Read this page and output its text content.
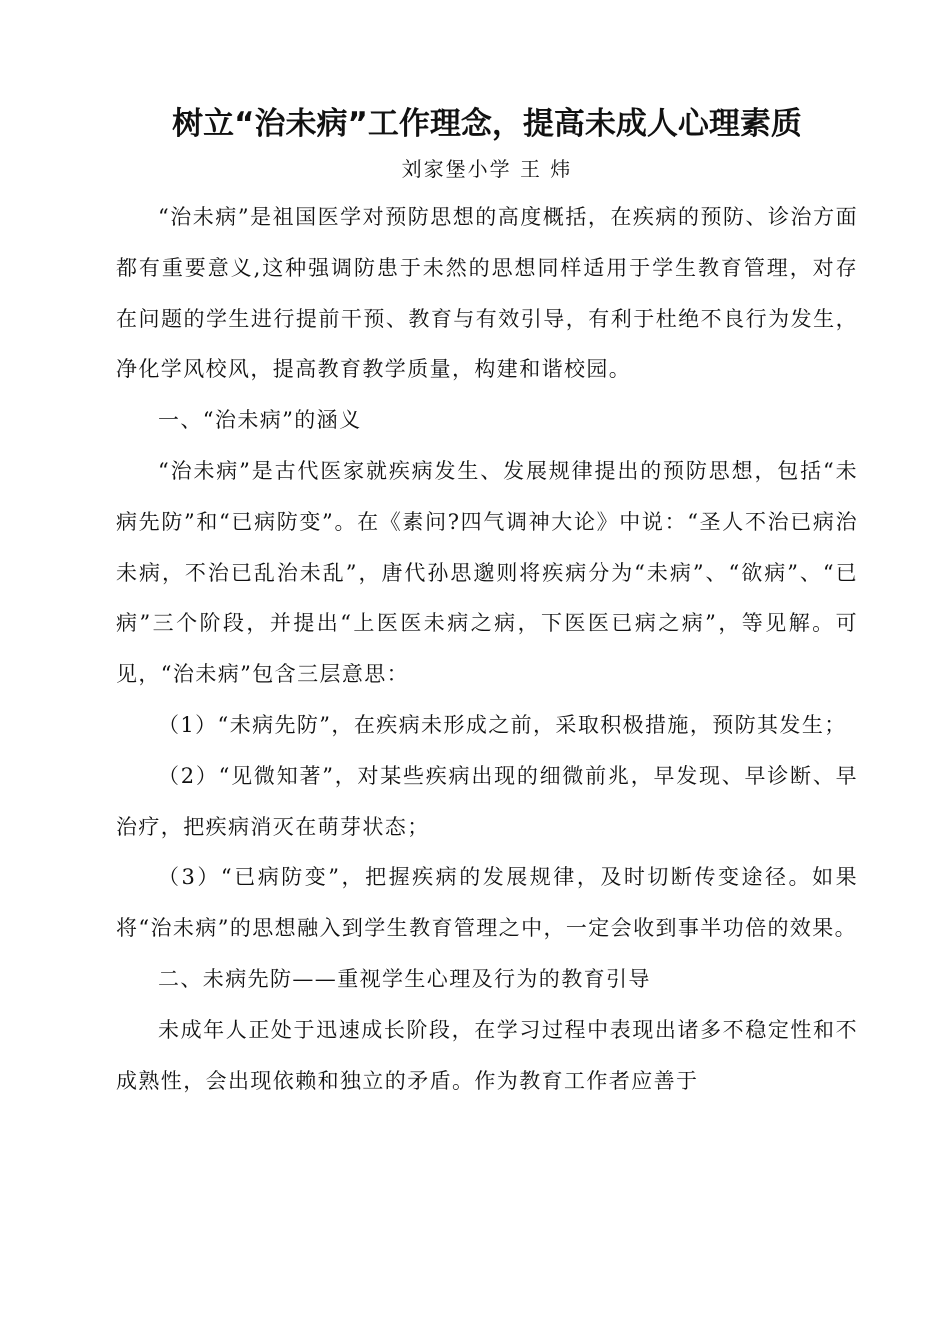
树立“治未病”工作理念，提高未成人心理素质
刘家堡小学 王 炜

“治未病”是祖国医学对预防思想的高度概括，在疾病的预防、诊治方面都有重要意义,这种强调防患于未然的思想同样适用于学生教育管理，对存在问题的学生进行提前干预、教育与有效引导，有利于杜绝不良行为发生，净化学风校风，提高教育教学质量，构建和谐校园。

一、“治未病”的涵义

“治未病”是古代医家就疾病发生、发展规律提出的预防思想，包括“未病先防”和“已病防变”。在《素问?四气调神大论》中说：“圣人不治已病治未病，不治已乱治未乱”，唐代孙思邈则将疾病分为“未病”、“欲病”、“已病”三个阶段，并提出“上医医未病之病，下医医已病之病”，等见解。可见，“治未病”包含三层意思：

（1）“未病先防”，在疾病未形成之前，采取积极措施，预防其发生；

（2）“见微知著”，对某些疾病出现的细微前兆，早发现、早诊断、早治疗，把疾病消灭在萌芽状态；

（3）“已病防变”，把握疾病的发展规律，及时切断传变途径。如果将“治未病”的思想融入到学生教育管理之中，一定会收到事半功倍的效果。

二、未病先防——重视学生心理及行为的教育引导

未成年人正处于迅速成长阶段，在学习过程中表现出诸多不稳定性和不成熟性，会出现依赖和独立的矛盾。作为教育工作者应善于
